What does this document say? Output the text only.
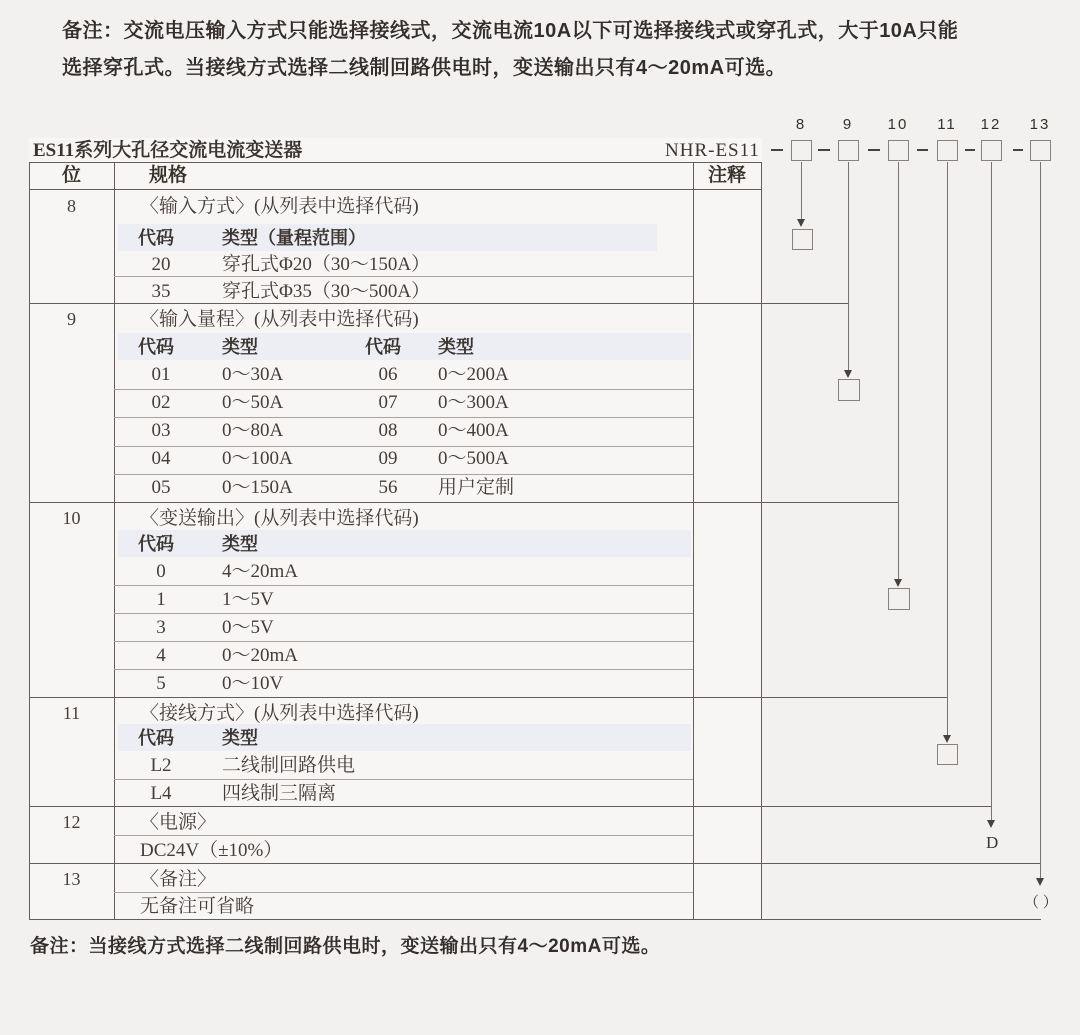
备注：交流电压输入方式只能选择接线式，交流电流10A以下可选择接线式或穿孔式，大于10A只能
选择穿孔式。当接线方式选择二线制回路供电时，变送输出只有4～20mA可选。
ES11系列大孔径交流电流变送器	NHR-ES11
位	规格	注释
8	〈输入方式〉(从列表中选择代码)
代码	类型（量程范围）
20	穿孔式Φ20（30～150A）
35	穿孔式Φ35（30～500A）
9	〈输入量程〉(从列表中选择代码)
代码	类型	代码 类型
01	0～30A	06	0～200A
02	0～50A	07	0～300A
03	0～80A	08	0～400A
04	0～100A	09	0～500A
05	0～150A	56	用户定制
10	〈变送输出〉(从列表中选择代码)
代码	类型
0	4～20mA
1	1～5V
3	0～5V
4	0～20mA
5	0～10V
11	〈接线方式〉(从列表中选择代码)
代码	类型
L2	二线制回路供电
L4	四线制三隔离
12	〈电源〉
DC24V（±10%）
13	〈备注〉
无备注可省略
8	9	10	11	12	13
D
（ ）
备注：当接线方式选择二线制回路供电时，变送输出只有4～20mA可选。
